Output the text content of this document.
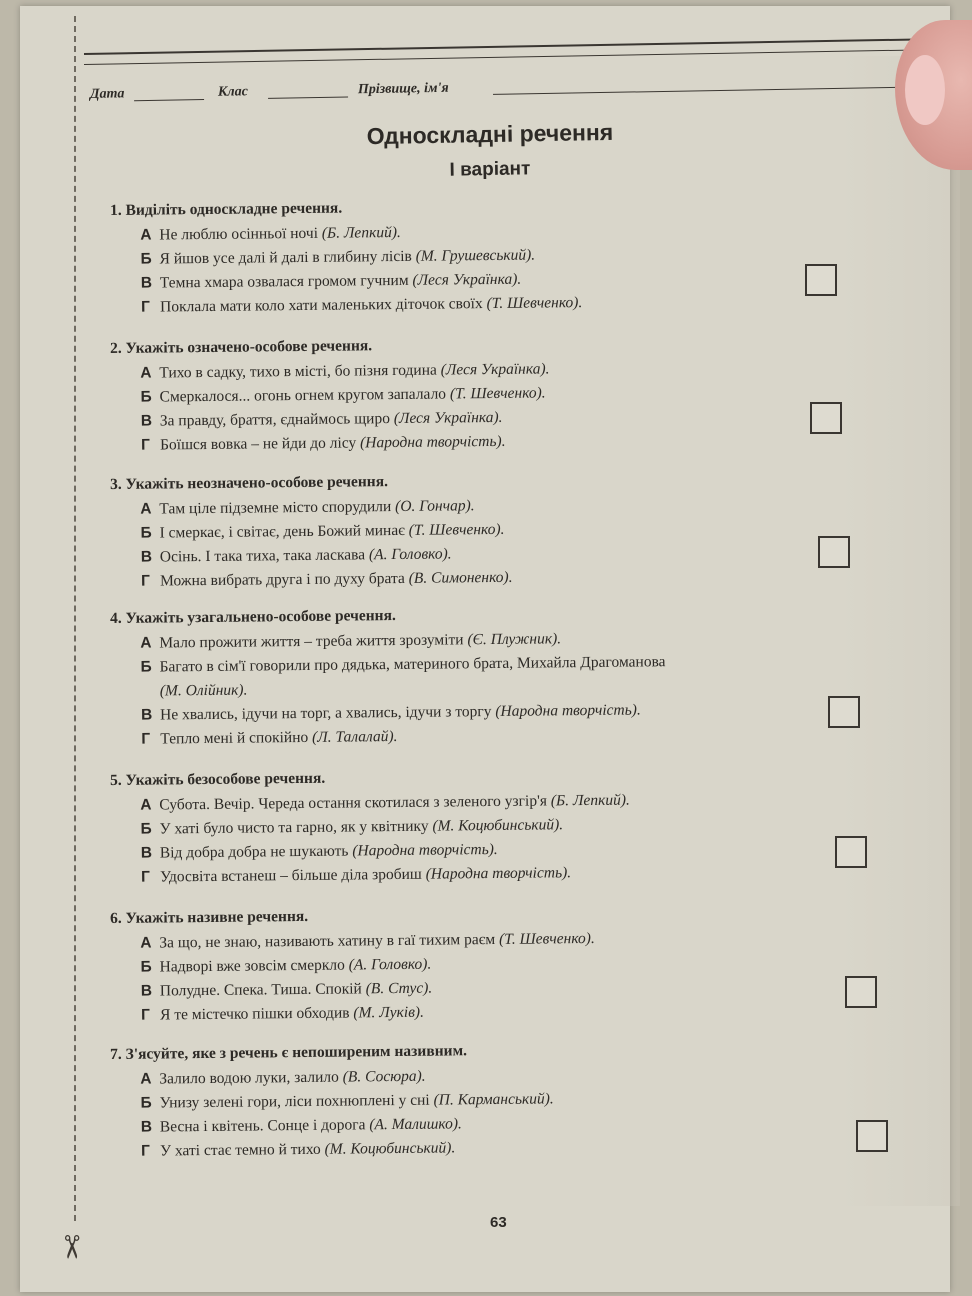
✂
Дата	Клас	Прізвище, ім'я
Односкладні речення
І варіант
1. Виділіть односкладне речення.
А Не люблю осінньої ночі (Б. Лепкий).
Б Я йшов усе далі й далі в глибину лісів (М. Грушевський).
В Темна хмара озвалася громом гучним (Леся Українка).
Г Поклала мати коло хати маленьких діточок своїх (Т. Шевченко).
2. Укажіть означено-особове речення.
А Тихо в садку, тихо в місті, бо пізня година (Леся Українка).
Б Смеркалося... огонь огнем кругом запалало (Т. Шевченко).
В За правду, браття, єднаймось щиро (Леся Українка).
Г Боїшся вовка – не йди до лісу (Народна творчість).
3. Укажіть неозначено-особове речення.
А Там ціле підземне місто спорудили (О. Гончар).
Б І смеркає, і світає, день Божий минає (Т. Шевченко).
В Осінь. І така тиха, така ласкава (А. Головко).
Г Можна вибрать друга і по духу брата (В. Симоненко).
4. Укажіть узагальнено-особове речення.
А Мало прожити життя – треба життя зрозуміти (Є. Плужник).
Б Багато в сім'ї говорили про дядька, материного брата, Михайла Драгоманова
(М. Олійник).
В Не хвались, ідучи на торг, а хвались, ідучи з торгу (Народна творчість).
Г Тепло мені й спокійно (Л. Талалай).
5. Укажіть безособове речення.
А Субота. Вечір. Череда остання скотилася з зеленого узгір'я (Б. Лепкий).
Б У хаті було чисто та гарно, як у квітнику (М. Коцюбинський).
В Від добра добра не шукають (Народна творчість).
Г Удосвіта встанеш – більше діла зробиш (Народна творчість).
6. Укажіть називне речення.
А За що, не знаю, називають хатину в гаї тихим раєм (Т. Шевченко).
Б Надворі вже зовсім смеркло (А. Головко).
В Полудне. Спека. Тиша. Спокій (В. Стус).
Г Я те містечко пішки обходив (М. Луків).
7. З'ясуйте, яке з речень є непоширеним називним.
А Залило водою луки, залило (В. Сосюра).
Б Унизу зелені гори, ліси похнюплені у сні (П. Карманський).
В Весна і квітень. Сонце і дорога (А. Малишко).
Г У хаті стає темно й тихо (М. Коцюбинський).
63
